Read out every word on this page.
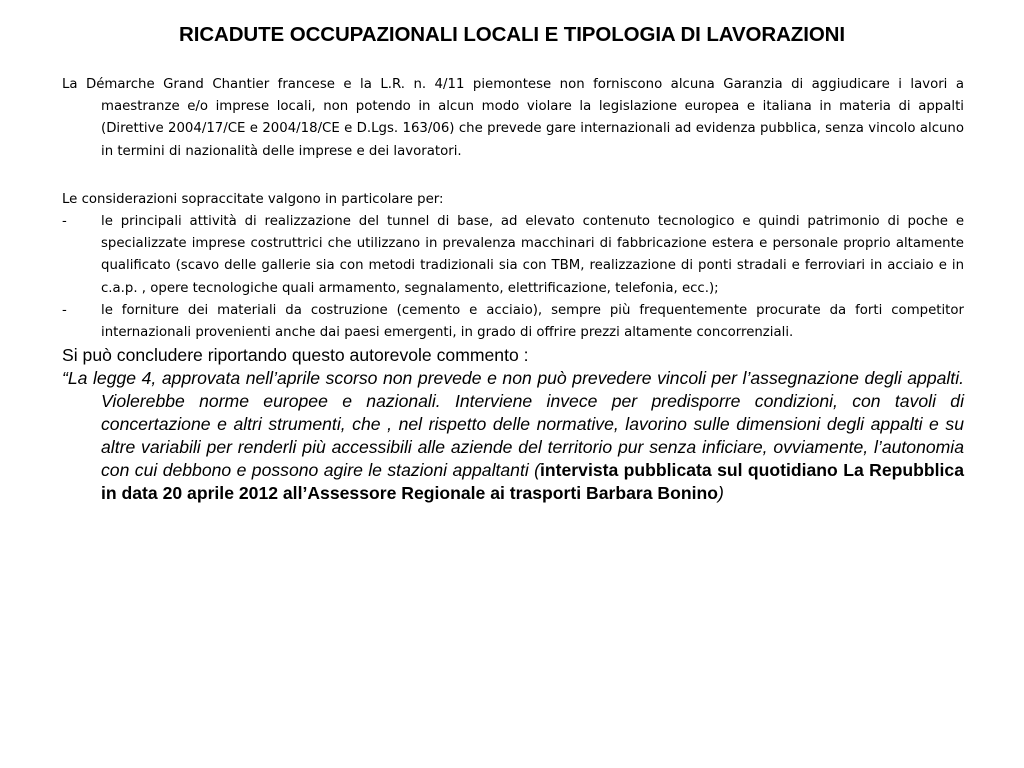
RICADUTE OCCUPAZIONALI LOCALI E TIPOLOGIA DI LAVORAZIONI

La Démarche Grand Chantier francese e la L.R. n. 4/11 piemontese non forniscono alcuna Garanzia di aggiudicare i lavori a maestranze e/o imprese locali, non potendo in alcun modo violare la legislazione europea e italiana in materia di appalti (Direttive 2004/17/CE e 2004/18/CE e D.Lgs. 163/06) che prevede gare internazionali ad evidenza pubblica, senza vincolo alcuno in termini di nazionalità delle imprese e dei lavoratori.

Le considerazioni sopraccitate valgono in particolare per:

-	le principali attività di realizzazione del tunnel di base, ad elevato contenuto tecnologico e quindi patrimonio di poche e specializzate imprese costruttrici che utilizzano in prevalenza macchinari di fabbricazione estera e personale proprio altamente qualificato (scavo delle gallerie sia con metodi tradizionali sia con TBM, realizzazione di ponti stradali e ferroviari in acciaio e in c.a.p. , opere tecnologiche quali armamento, segnalamento, elettrificazione, telefonia, ecc.);
-	le forniture dei materiali da costruzione (cemento e acciaio), sempre più frequentemente procurate da forti competitor internazionali provenienti anche dai paesi emergenti, in grado di offrire prezzi altamente concorrenziali.

Si può concludere riportando questo autorevole commento :

“La legge 4, approvata nell’aprile scorso non prevede e non può prevedere vincoli per l’assegnazione degli appalti. Violerebbe norme europee e nazionali. Interviene invece per predisporre condizioni, con tavoli di concertazione e altri strumenti, che , nel rispetto delle normative, lavorino sulle dimensioni degli appalti e su altre variabili per renderli più accessibili alle aziende del territorio pur senza inficiare, ovviamente, l’autonomia con cui debbono e possono agire le stazioni appaltanti (intervista pubblicata sul quotidiano La Repubblica in data 20 aprile 2012 all’Assessore Regionale ai trasporti Barbara Bonino)
